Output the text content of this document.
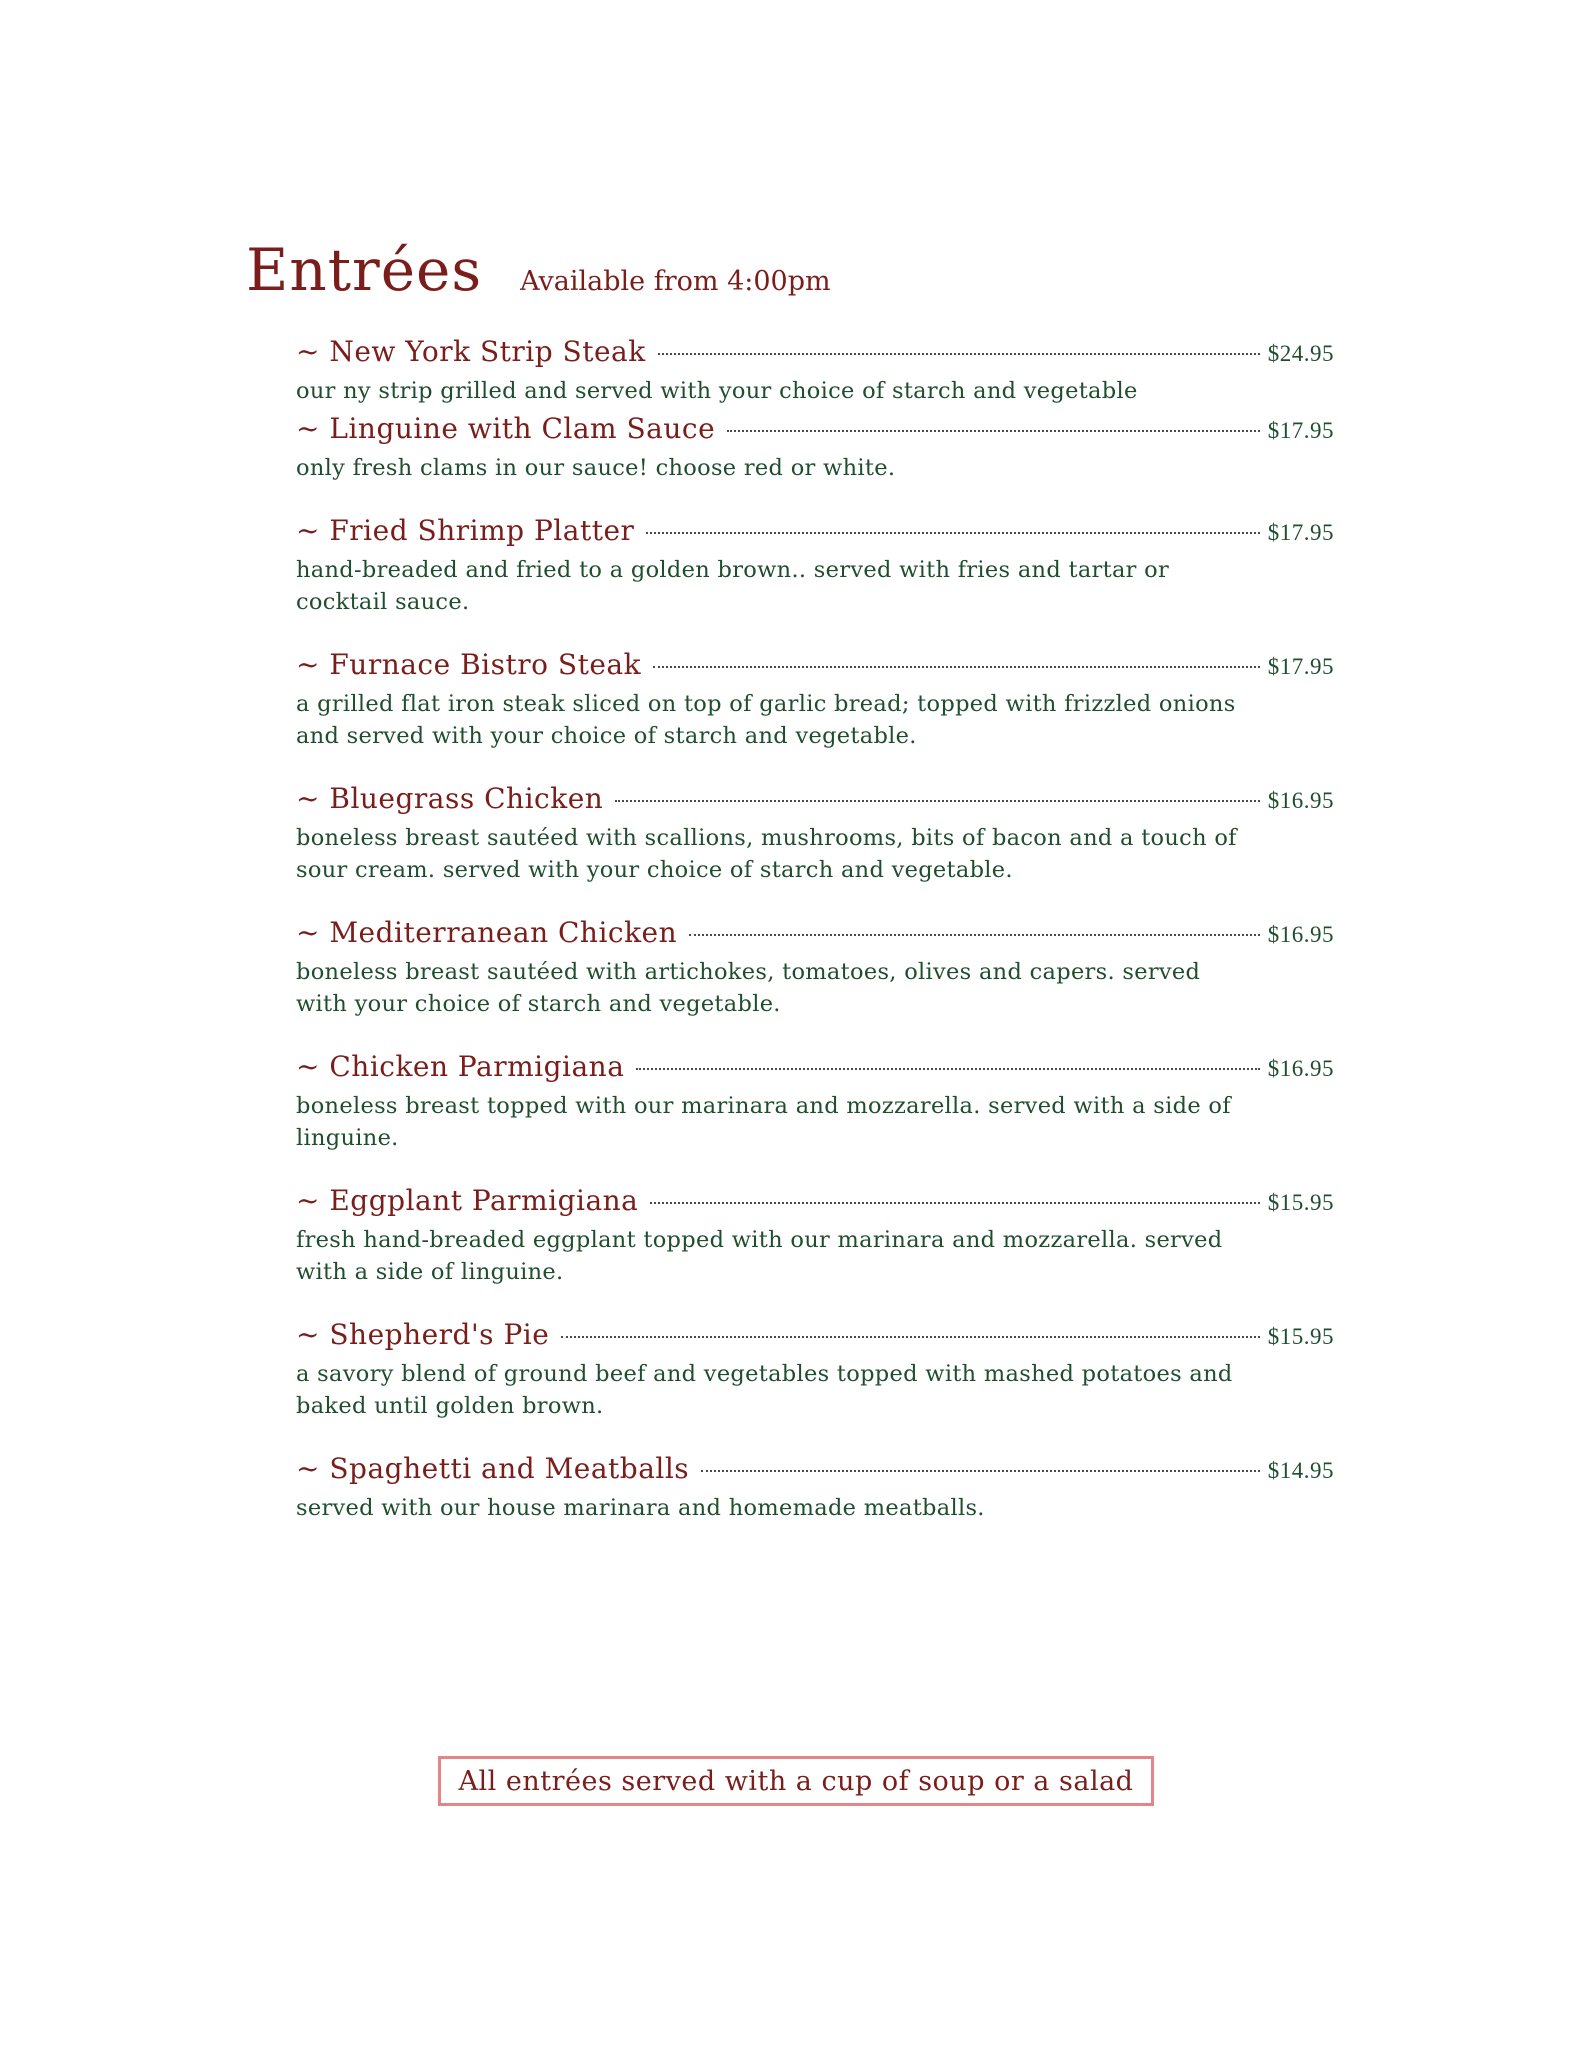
Entrées Available from 4:00pm
~ New York Strip Steak	$24.95
our ny strip grilled and served with your choice of starch and vegetable
~ Linguine with Clam Sauce	$17.95
only fresh clams in our sauce! choose red or white.
~ Fried Shrimp Platter	$17.95
hand-breaded and fried to a golden brown.. served with fries and tartar or cocktail sauce.
~ Furnace Bistro Steak	$17.95
a grilled flat iron steak sliced on top of garlic bread; topped with frizzled onions and served with your choice of starch and vegetable.
~ Bluegrass Chicken	$16.95
boneless breast sautéed with scallions, mushrooms, bits of bacon and a touch of sour cream. served with your choice of starch and vegetable.
~ Mediterranean Chicken	$16.95
boneless breast sautéed with artichokes, tomatoes, olives and capers. served with your choice of starch and vegetable.
~ Chicken Parmigiana	$16.95
boneless breast topped with our marinara and mozzarella. served with a side of linguine.
~ Eggplant Parmigiana	$15.95
fresh hand-breaded eggplant topped with our marinara and mozzarella. served with a side of linguine.
~ Shepherd's Pie	$15.95
a savory blend of ground beef and vegetables topped with mashed potatoes and baked until golden brown.
~ Spaghetti and Meatballs	$14.95
served with our house marinara and homemade meatballs.
All entrées served with a cup of soup or a salad
